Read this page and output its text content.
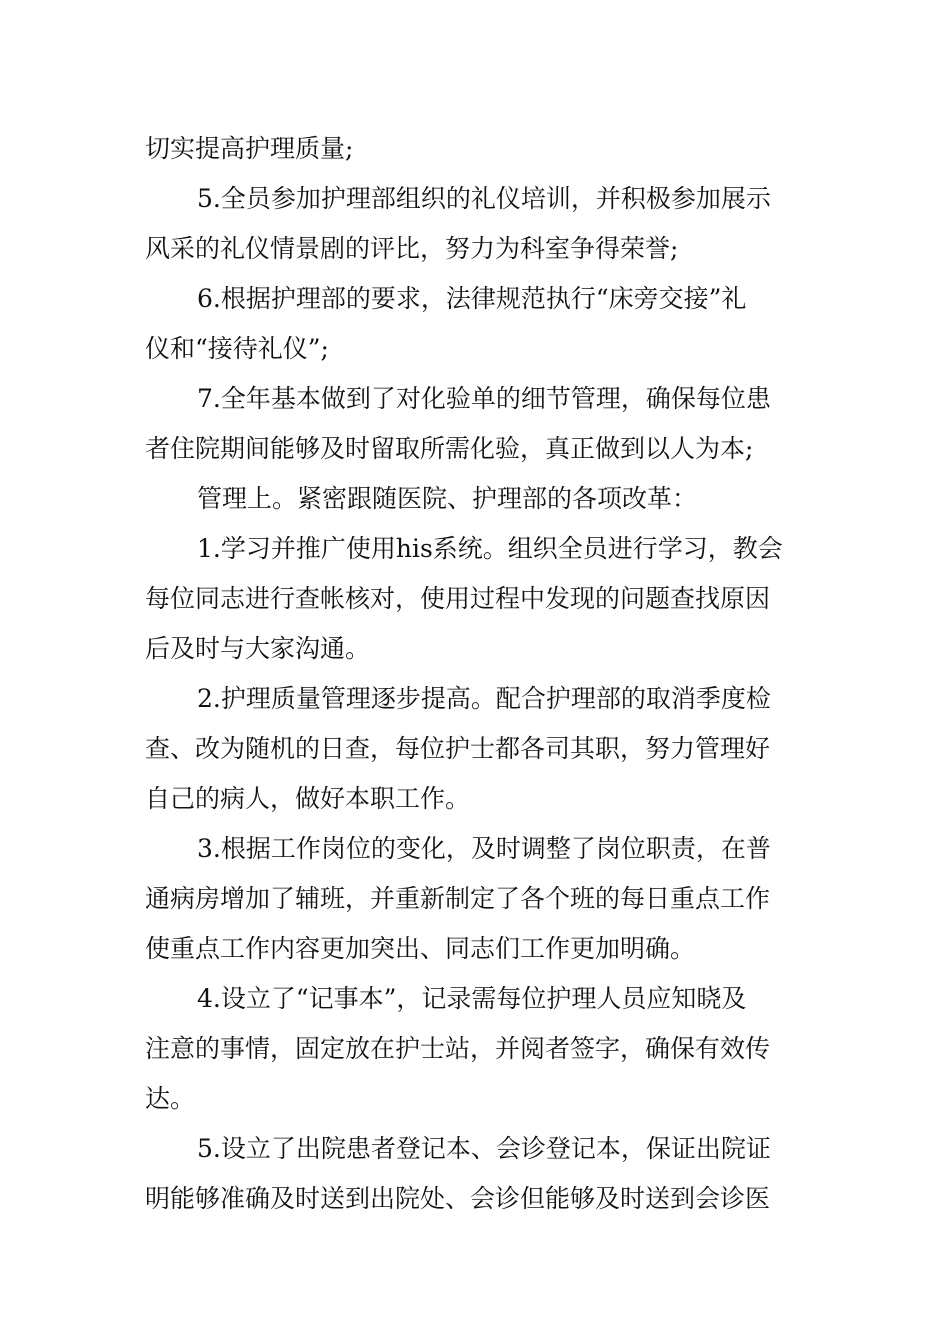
切实提高护理质量;
5.全员参加护理部组织的礼仪培训，并积极参加展示
风采的礼仪情景剧的评比，努力为科室争得荣誉;
6.根据护理部的要求，法律规范执行“床旁交接”礼
仪和“接待礼仪”;
7.全年基本做到了对化验单的细节管理，确保每位患
者住院期间能够及时留取所需化验，真正做到以人为本;
管理上。紧密跟随医院、护理部的各项改革：
1.学习并推广使用his系统。组织全员进行学习，教会
每位同志进行查帐核对，使用过程中发现的问题查找原因
后及时与大家沟通。
2.护理质量管理逐步提高。配合护理部的取消季度检
查、改为随机的日查，每位护士都各司其职，努力管理好
自己的病人，做好本职工作。
3.根据工作岗位的变化，及时调整了岗位职责，在普
通病房增加了辅班，并重新制定了各个班的每日重点工作
使重点工作内容更加突出、同志们工作更加明确。
4.设立了“记事本”，记录需每位护理人员应知晓及
注意的事情，固定放在护士站，并阅者签字，确保有效传
达。
5.设立了出院患者登记本、会诊登记本，保证出院证
明能够准确及时送到出院处、会诊但能够及时送到会诊医
